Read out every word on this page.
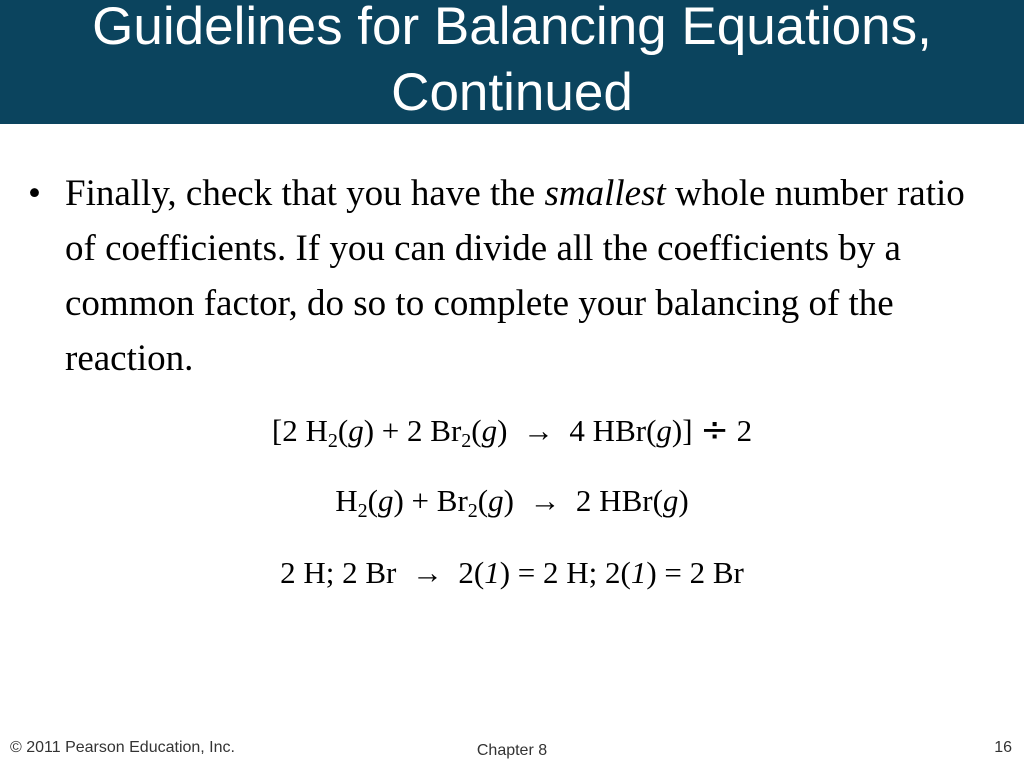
Guidelines for Balancing Equations,
Continued
• Finally, check that you have the smallest whole number ratio of coefficients. If you can divide all the coefficients by a common factor, do so to complete your balancing of the reaction.
[2 $H_2(g) + 2$ $Br_2(g) \to 4$ HBr(g)] ÷ 2
$H_2(g) + Br_2(g) \to 2$ HBr(g)
2 H; 2 Br  →  2(1) = 2 H; 2(1) = 2 Br
© 2011 Pearson Education, Inc.	Chapter 8	16
